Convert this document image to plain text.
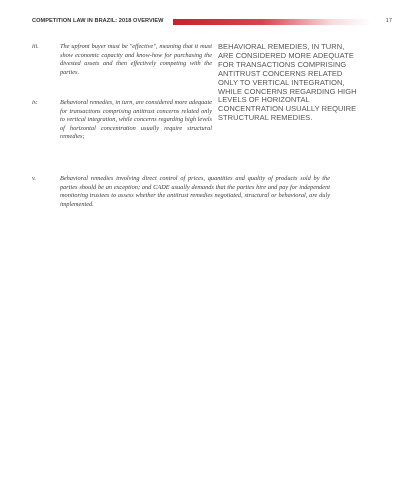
COMPETITION LAW IN BRAZIL: 2018 OVERVIEW	17
iii.	The upfront buyer must be "effective", meaning that it must show economic capacity and know-how for purchasing the divested assets and then effectively competing with the parties.
iv.	Behavioral remedies, in turn, are considered more adequate for transactions comprising antitrust concerns related only to vertical integration, while concerns regarding high levels of horizontal concentration usually require structural remedies;
v.	Behavioral remedies involving direct control of prices, quantities and quality of products sold by the parties should be an exception; and CADE usually demands that the parties hire and pay for independent monitoring trustees to assess whether the antitrust remedies negotiated, structural or behavioral, are duly implemented.
BEHAVIORAL REMEDIES, IN TURN, ARE CONSIDERED MORE ADEQUATE FOR TRANSACTIONS COMPRISING ANTITRUST CONCERNS RELATED ONLY TO VERTICAL INTEGRATION, WHILE CONCERNS REGARDING HIGH LEVELS OF HORIZONTAL CONCENTRATION USUALLY REQUIRE STRUCTURAL REMEDIES.
